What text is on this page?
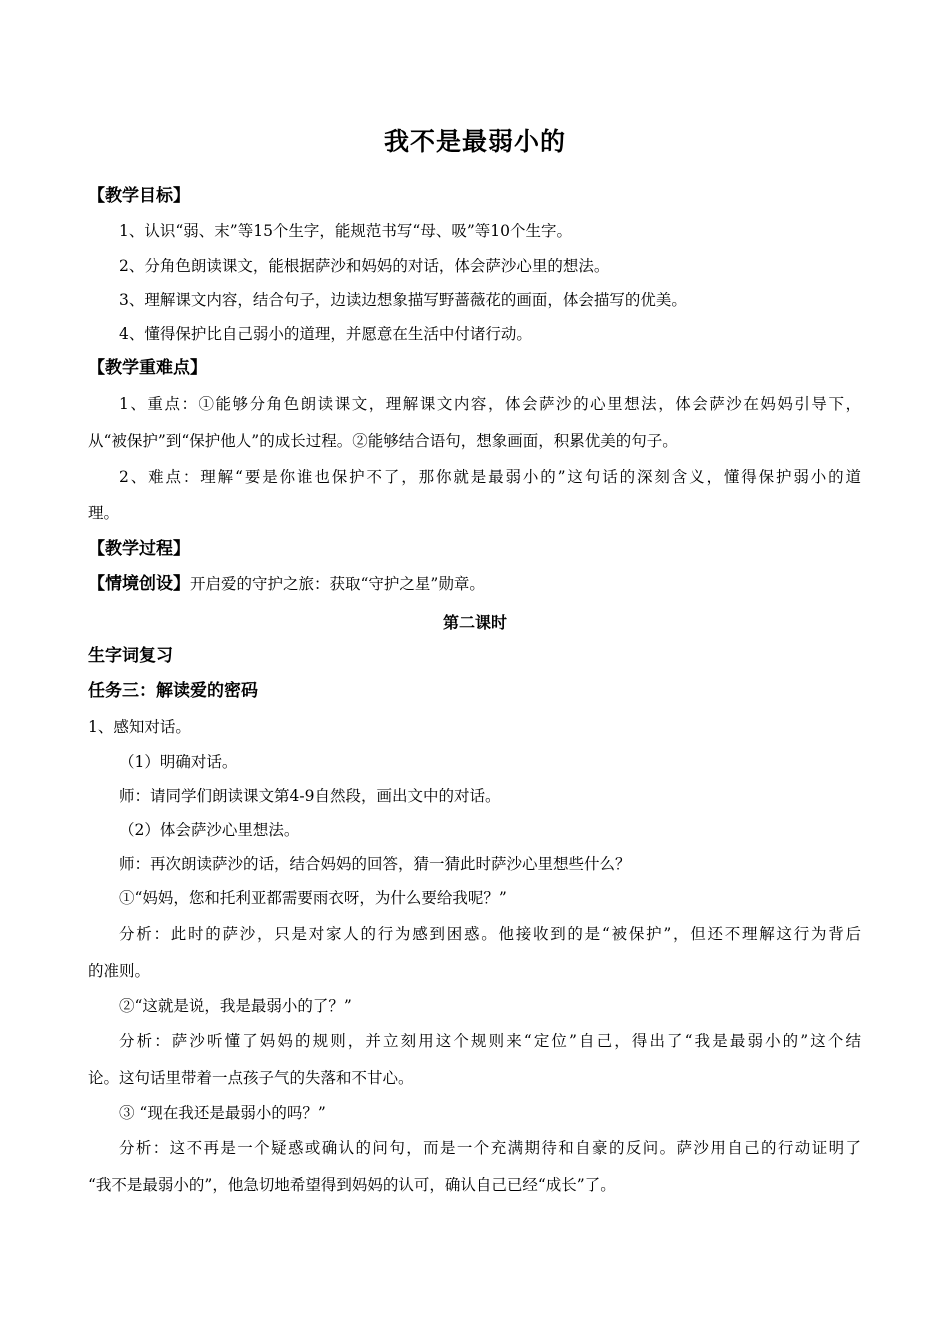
我不是最弱小的
【教学目标】
1、认识“弱、末”等15个生字，能规范书写“母、吸”等10个生字。
2、分角色朗读课文，能根据萨沙和妈妈的对话，体会萨沙心里的想法。
3、理解课文内容，结合句子，边读边想象描写野蔷薇花的画面，体会描写的优美。
4、懂得保护比自己弱小的道理，并愿意在生活中付诸行动。
【教学重难点】
1、重点：①能够分角色朗读课文，理解课文内容，体会萨沙的心里想法，体会萨沙在妈妈引导下，
从“被保护”到“保护他人”的成长过程。②能够结合语句，想象画面，积累优美的句子。
2、难点：理解“要是你谁也保护不了，那你就是最弱小的”这句话的深刻含义，懂得保护弱小的道
理。
【教学过程】
【情境创设】开启爱的守护之旅：获取“守护之星”勋章。
第二课时
生字词复习
任务三：解读爱的密码
1、感知对话。
（1）明确对话。
师：请同学们朗读课文第4-9自然段，画出文中的对话。
（2）体会萨沙心里想法。
师：再次朗读萨沙的话，结合妈妈的回答，猜一猜此时萨沙心里想些什么？
①“妈妈，您和托利亚都需要雨衣呀，为什么要给我呢？”
分析：此时的萨沙，只是对家人的行为感到困惑。他接收到的是“被保护”，但还不理解这行为背后
的准则。
②“这就是说，我是最弱小的了？”
分析：萨沙听懂了妈妈的规则，并立刻用这个规则来“定位”自己，得出了“我是最弱小的”这个结
论。这句话里带着一点孩子气的失落和不甘心。
③ “现在我还是最弱小的吗？”
分析：这不再是一个疑惑或确认的问句，而是一个充满期待和自豪的反问。萨沙用自己的行动证明了
“我不是最弱小的”，他急切地希望得到妈妈的认可，确认自己已经“成长”了。
